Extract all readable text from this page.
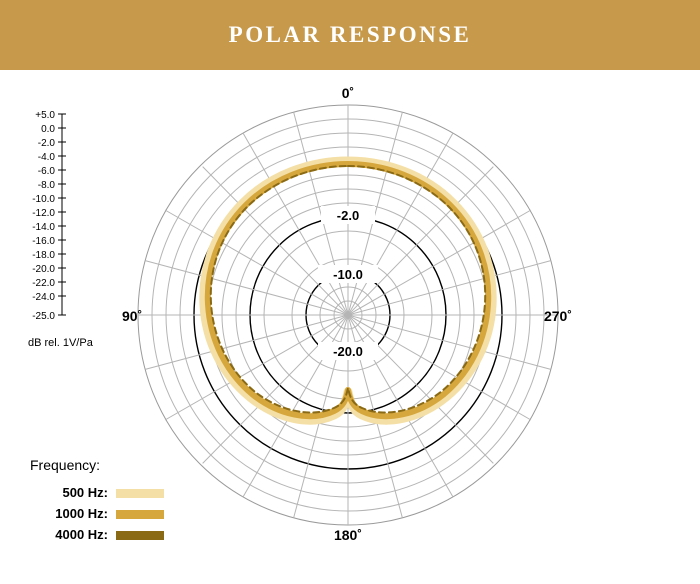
POLAR RESPONSE
+5.0
0.0
-2.0
-4.0
-6.0
-8.0
-10.0
-12.0
-14.0
-16.0
-18.0
-20.0
-22.0
-24.0
-25.0
dB rel. 1V/Pa
-2.0
-10.0
-20.0
0˚
90˚	270˚
180˚
Frequency:
500 Hz:
1000 Hz:
4000 Hz:
